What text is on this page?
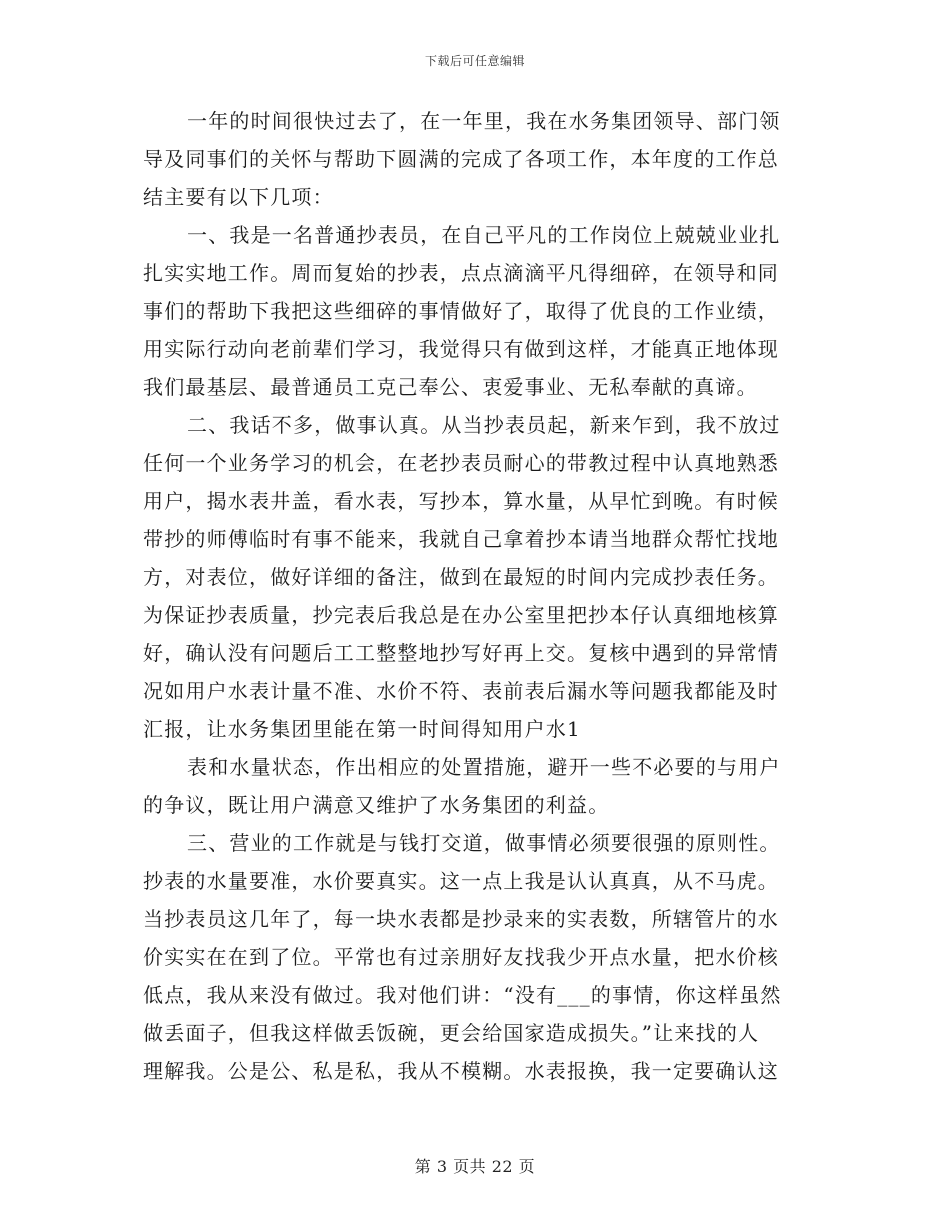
下载后可任意编辑
一年的时间很快过去了，在一年里，我在水务集团领导、部门领
导及同事们的关怀与帮助下圆满的完成了各项工作，本年度的工作总
结主要有以下几项：
一、我是一名普通抄表员，在自己平凡的工作岗位上兢兢业业扎
扎实实地工作。周而复始的抄表，点点滴滴平凡得细碎，在领导和同
事们的帮助下我把这些细碎的事情做好了，取得了优良的工作业绩，
用实际行动向老前辈们学习，我觉得只有做到这样，才能真正地体现
我们最基层、最普通员工克己奉公、衷爱事业、无私奉献的真谛。
二、我话不多，做事认真。从当抄表员起，新来乍到，我不放过
任何一个业务学习的机会，在老抄表员耐心的带教过程中认真地熟悉
用户，揭水表井盖，看水表，写抄本，算水量，从早忙到晚。有时候
带抄的师傅临时有事不能来，我就自己拿着抄本请当地群众帮忙找地
方，对表位，做好详细的备注，做到在最短的时间内完成抄表任务。
为保证抄表质量，抄完表后我总是在办公室里把抄本仔认真细地核算
好，确认没有问题后工工整整地抄写好再上交。复核中遇到的异常情
况如用户水表计量不准、水价不符、表前表后漏水等问题我都能及时
汇报，让水务集团里能在第一时间得知用户水1
表和水量状态，作出相应的处置措施，避开一些不必要的与用户
的争议，既让用户满意又维护了水务集团的利益。
三、营业的工作就是与钱打交道，做事情必须要很强的原则性。
抄表的水量要准，水价要真实。这一点上我是认认真真，从不马虎。
当抄表员这几年了，每一块水表都是抄录来的实表数，所辖管片的水
价实实在在到了位。平常也有过亲朋好友找我少开点水量，把水价核
低点，我从来没有做过。我对他们讲：“没有___的事情，你这样虽然
做丢面子，但我这样做丢饭碗，更会给国家造成损失。”让来找的人
理解我。公是公、私是私，我从不模糊。水表报换，我一定要确认这
第 3 页共 22 页
